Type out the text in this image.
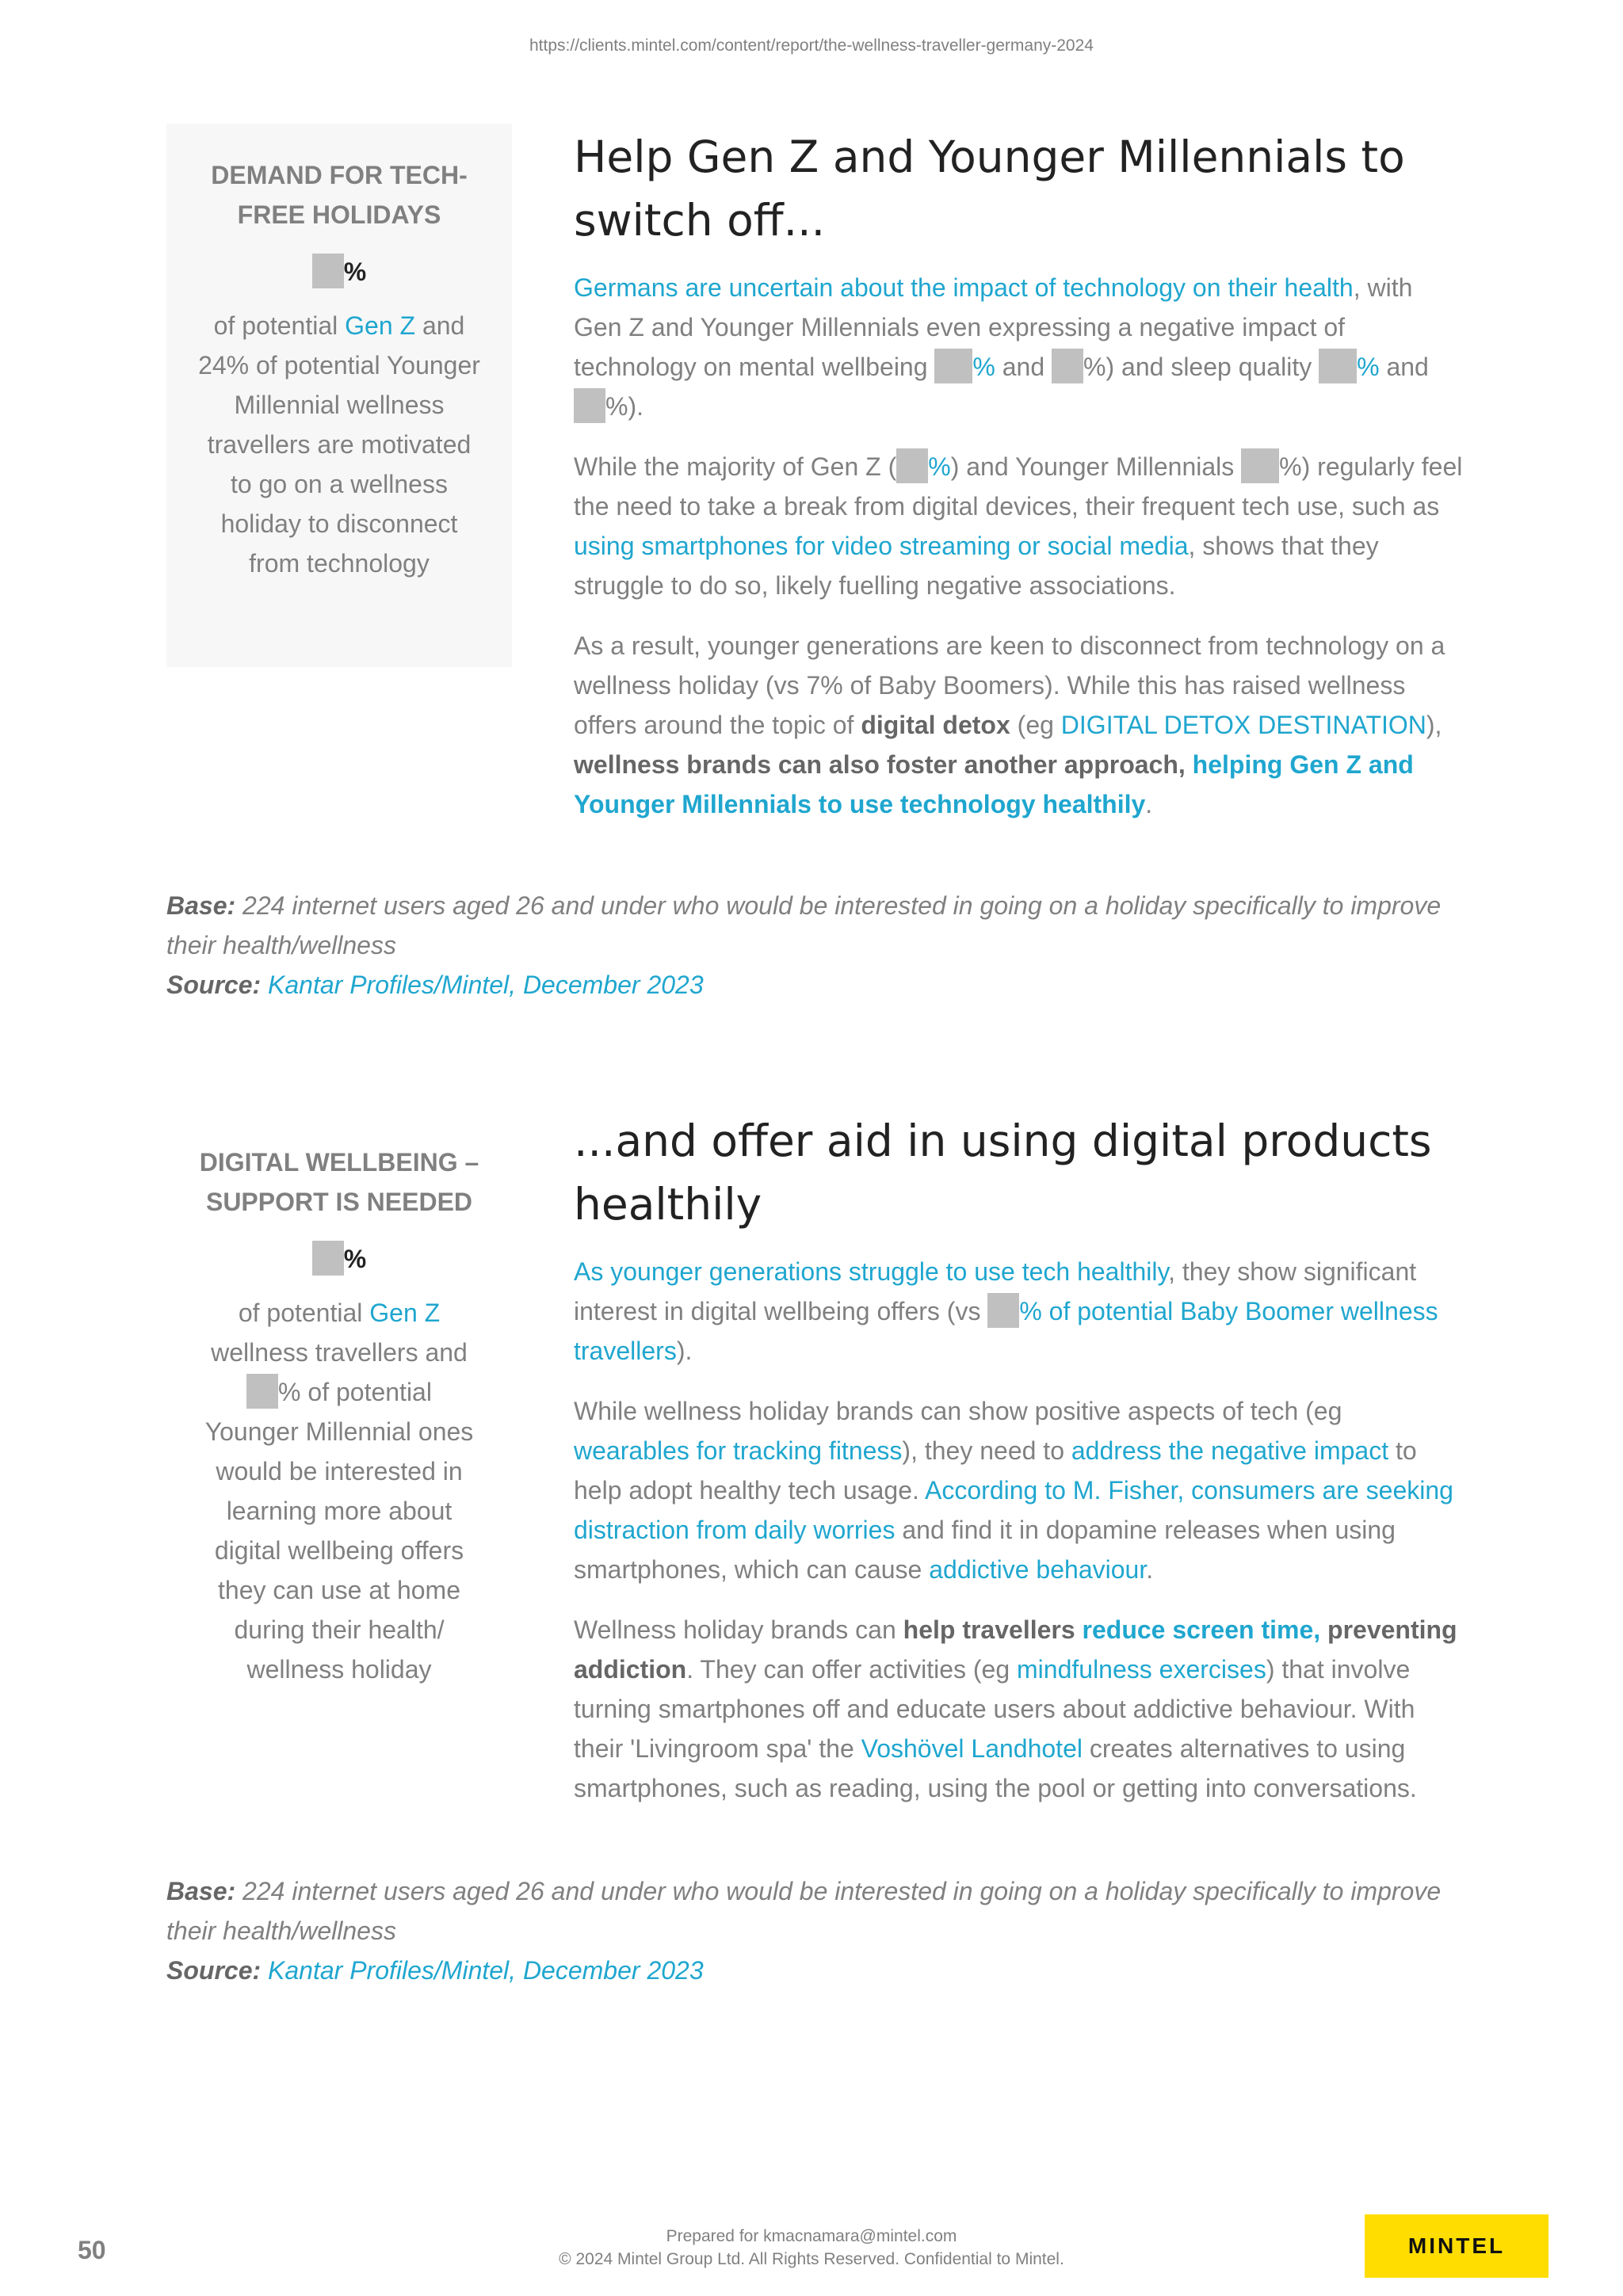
https://clients.mintel.com/content/report/the-wellness-traveller-germany-2024
DEMAND FOR TECH-FREE HOLIDAYS
%
of potential Gen Z and 24% of potential Younger Millennial wellness travellers are motivated to go on a wellness holiday to disconnect from technology
Help Gen Z and Younger Millennials to switch off...

Germans are uncertain about the impact of technology on their health, with Gen Z and Younger Millennials even expressing a negative impact of technology on mental wellbeing % and %) and sleep quality % and %).

While the majority of Gen Z ( %) and Younger Millennials %) regularly feel the need to take a break from digital devices, their frequent tech use, such as using smartphones for video streaming or social media, shows that they struggle to do so, likely fuelling negative associations.

As a result, younger generations are keen to disconnect from technology on a wellness holiday (vs 7% of Baby Boomers). While this has raised wellness offers around the topic of digital detox (eg DIGITAL DETOX DESTINATION), wellness brands can also foster another approach, helping Gen Z and Younger Millennials to use technology healthily.

Base: 224 internet users aged 26 and under who would be interested in going on a holiday specifically to improve their health/wellness
Source: Kantar Profiles/Mintel, December 2023
DIGITAL WELLBEING – SUPPORT IS NEEDED
%
of potential Gen Z wellness travellers and % of potential Younger Millennial ones would be interested in learning more about digital wellbeing offers they can use at home during their health/ wellness holiday
...and offer aid in using digital products healthily

As younger generations struggle to use tech healthily, they show significant interest in digital wellbeing offers (vs % of potential Baby Boomer wellness travellers).

While wellness holiday brands can show positive aspects of tech (eg wearables for tracking fitness), they need to address the negative impact to help adopt healthy tech usage. According to M. Fisher, consumers are seeking distraction from daily worries and find it in dopamine releases when using smartphones, which can cause addictive behaviour.

Wellness holiday brands can help travellers reduce screen time, preventing addiction. They can offer activities (eg mindfulness exercises) that involve turning smartphones off and educate users about addictive behaviour. With their 'Livingroom spa' the Voshövel Landhotel creates alternatives to using smartphones, such as reading, using the pool or getting into conversations.

Base: 224 internet users aged 26 and under who would be interested in going on a holiday specifically to improve their health/wellness
Source: Kantar Profiles/Mintel, December 2023
50	Prepared for kmacnamara@mintel.com
© 2024 Mintel Group Ltd. All Rights Reserved. Confidential to Mintel.
MINTEL
